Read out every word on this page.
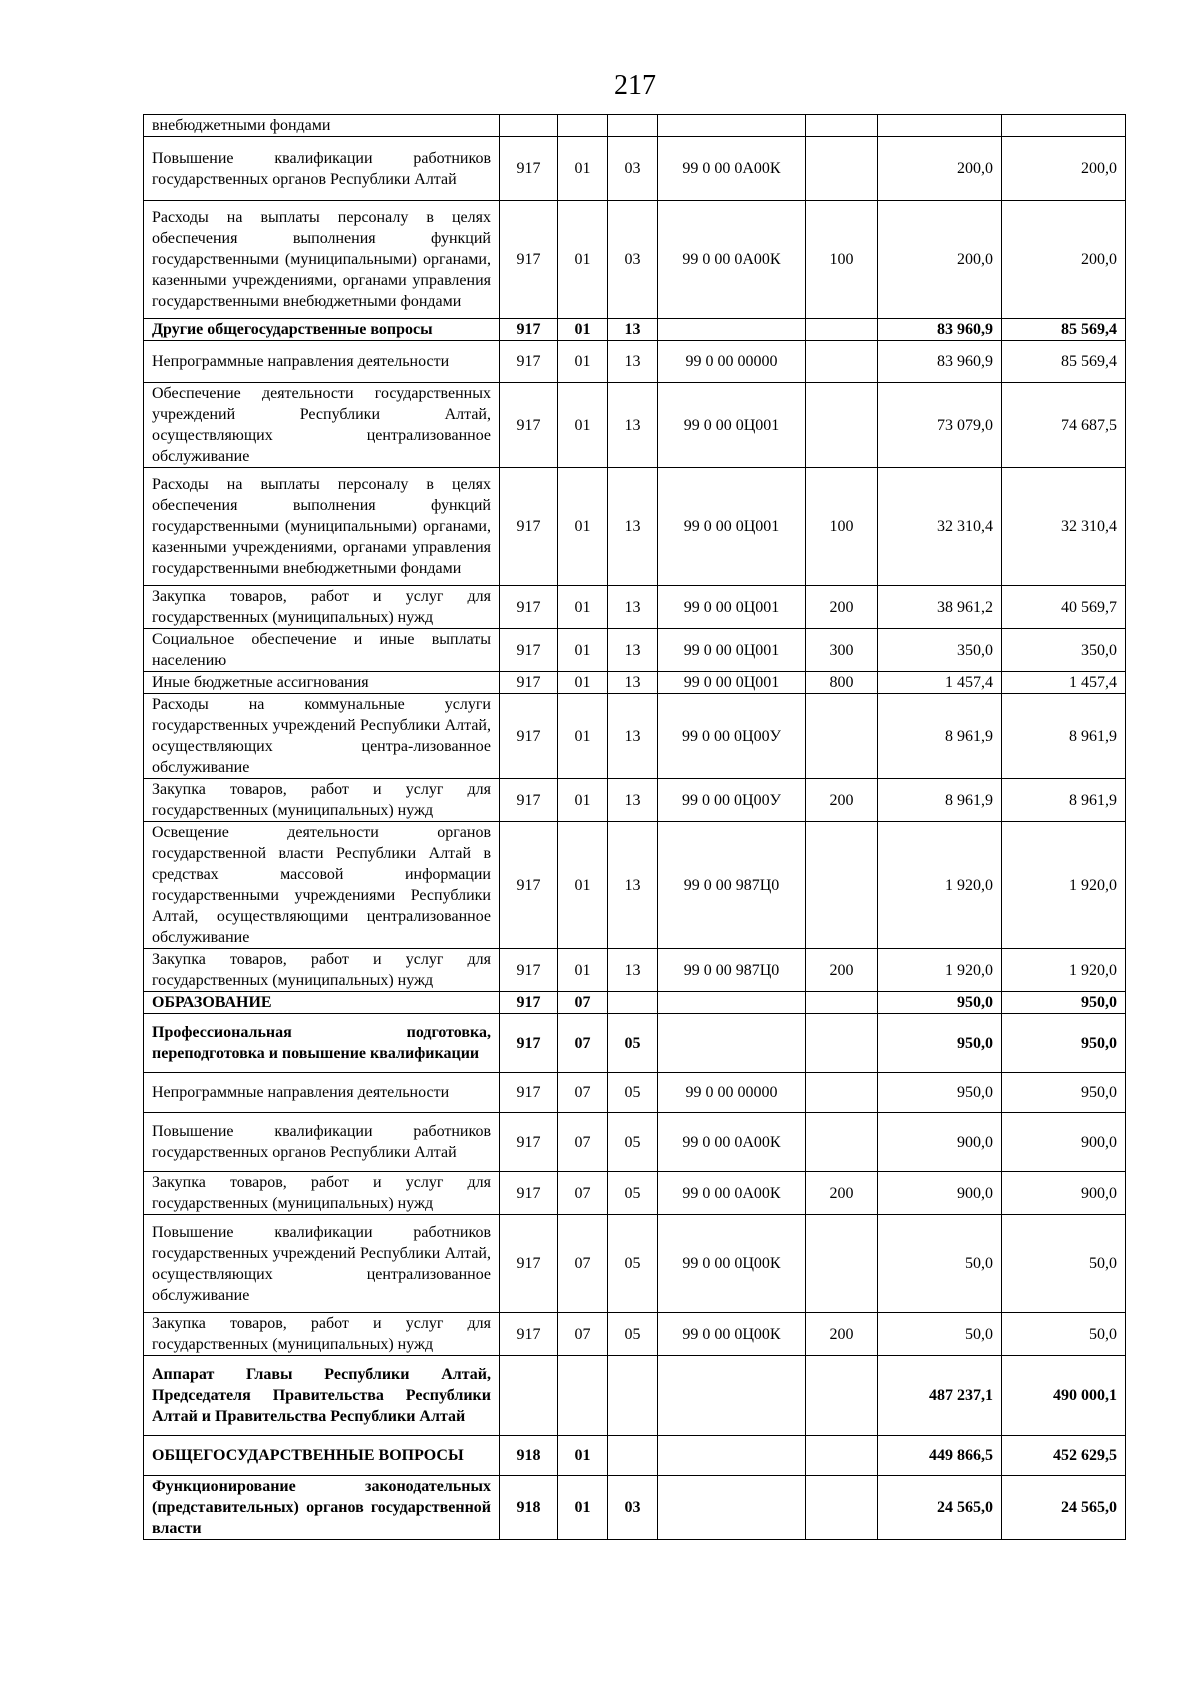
217
внебюджетными фондами							
Повышение квалификации работников государственных органов Республики Алтай	917	01	03	99 0 00 0А00К		200,0	200,0
Расходы на выплаты персоналу в целях обеспечения выполнения функций государственными (муниципальными) органами, казенными учреждениями, органами управления государственными внебюджетными фондами	917	01	03	99 0 00 0А00К	100	200,0	200,0
Другие общегосударственные вопросы	917	01	13			83 960,9	85 569,4
Непрограммные направления деятельности	917	01	13	99 0 00 00000		83 960,9	85 569,4
Обеспечение деятельности государственных учреждений Республики Алтай, осуществляющих централизованное обслуживание	917	01	13	99 0 00 0Ц001		73 079,0	74 687,5
Расходы на выплаты персоналу в целях обеспечения выполнения функций государственными (муниципальными) органами, казенными учреждениями, органами управления государственными внебюджетными фондами	917	01	13	99 0 00 0Ц001	100	32 310,4	32 310,4
Закупка товаров, работ и услуг для государственных (муниципальных) нужд	917	01	13	99 0 00 0Ц001	200	38 961,2	40 569,7
Социальное обеспечение и иные выплаты населению	917	01	13	99 0 00 0Ц001	300	350,0	350,0
Иные бюджетные ассигнования	917	01	13	99 0 00 0Ц001	800	1 457,4	1 457,4
Расходы на коммунальные услуги государственных учреждений Республики Алтай, осуществляющих центра-лизованное обслуживание	917	01	13	99 0 00 0Ц00У		8 961,9	8 961,9
Закупка товаров, работ и услуг для государственных (муниципальных) нужд	917	01	13	99 0 00 0Ц00У	200	8 961,9	8 961,9
Освещение деятельности органов государственной власти Республики Алтай в средствах массовой информации государственными учреждениями Республики Алтай, осуществляющими централизованное обслуживание	917	01	13	99 0 00 987Ц0		1 920,0	1 920,0
Закупка товаров, работ и услуг для государственных (муниципальных) нужд	917	01	13	99 0 00 987Ц0	200	1 920,0	1 920,0
ОБРАЗОВАНИЕ	917	07				950,0	950,0
Профессиональная подготовка, переподготовка и повышение квалификации	917	07	05			950,0	950,0
Непрограммные направления деятельности	917	07	05	99 0 00 00000		950,0	950,0
Повышение квалификации работников государственных органов Республики Алтай	917	07	05	99 0 00 0А00К		900,0	900,0
Закупка товаров, работ и услуг для государственных (муниципальных) нужд	917	07	05	99 0 00 0А00К	200	900,0	900,0
Повышение квалификации работников государственных учреждений Республики Алтай, осуществляющих централизованное обслуживание	917	07	05	99 0 00 0Ц00К		50,0	50,0
Закупка товаров, работ и услуг для государственных (муниципальных) нужд	917	07	05	99 0 00 0Ц00К	200	50,0	50,0
Аппарат Главы Республики Алтай, Председателя Правительства Республики Алтай и Правительства Республики Алтай						487 237,1	490 000,1
ОБЩЕГОСУДАРСТВЕННЫЕ ВОПРОСЫ	918	01				449 866,5	452 629,5
Функционирование законодательных (представительных) органов государственной власти	918	01	03			24 565,0	24 565,0
